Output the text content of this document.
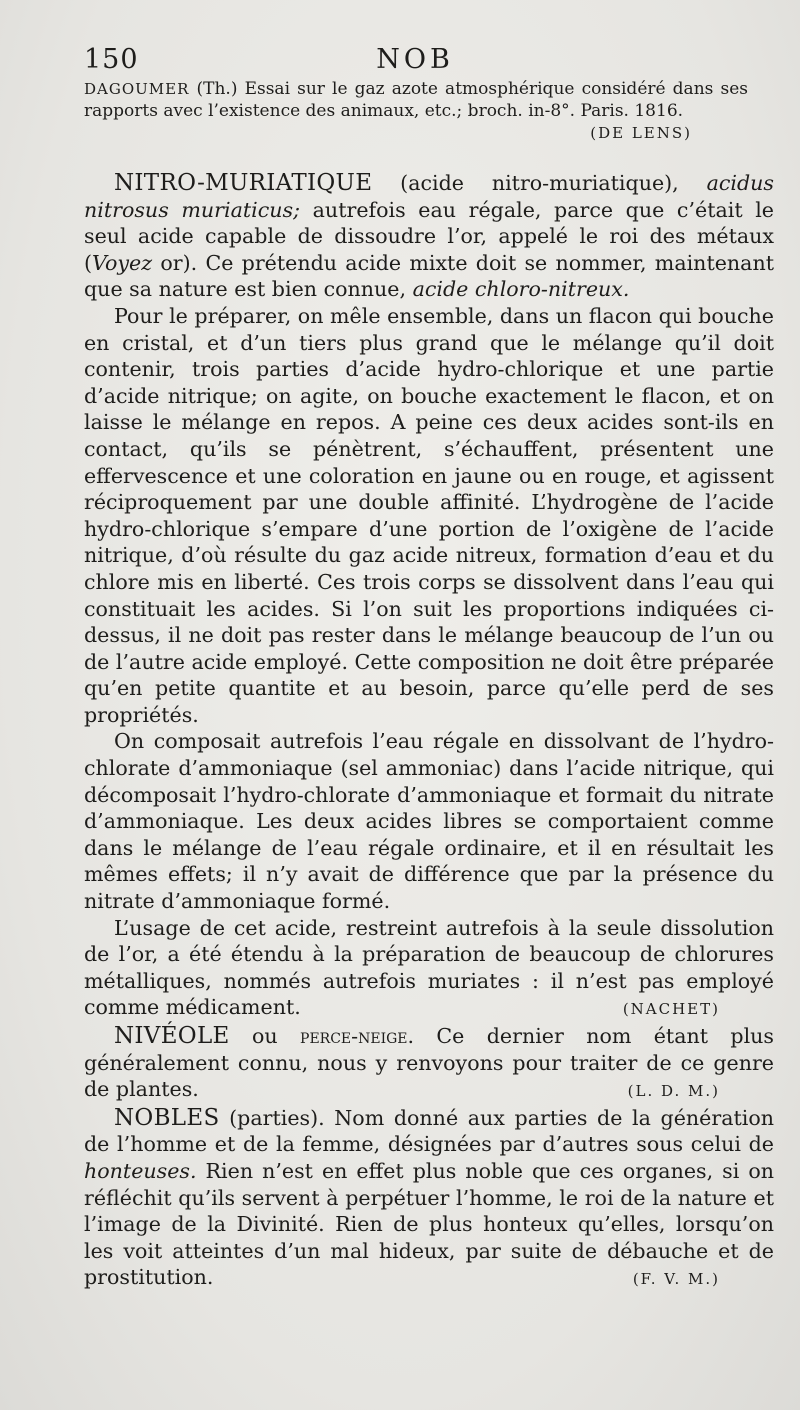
150	NOB
DAGOUMER (Th.) Essai sur le gaz azote atmosphérique considéré dans ses rapports avec l’existence des animaux, etc.; broch. in-8°. Paris. 1816.
(DE LENS)

NITRO-MURIATIQUE (acide nitro-muriatique), acidus nitrosus muriaticus; autrefois eau régale, parce que c’était le seul acide capable de dissoudre l’or, appelé le roi des métaux (Voyez or). Ce prétendu acide mixte doit se nommer, maintenant que sa nature est bien connue, acide chloro-nitreux.

Pour le préparer, on mêle ensemble, dans un flacon qui bouche en cristal, et d’un tiers plus grand que le mélange qu’il doit contenir, trois parties d’acide hydro-chlorique et une partie d’acide nitrique; on agite, on bouche exactement le flacon, et on laisse le mélange en repos. A peine ces deux acides sont-ils en contact, qu’ils se pénètrent, s’échauffent, présentent une effervescence et une coloration en jaune ou en rouge, et agissent réciproquement par une double affinité. L’hydrogène de l’acide hydro-chlorique s’empare d’une portion de l’oxigène de l’acide nitrique, d’où résulte du gaz acide nitreux, formation d’eau et du chlore mis en liberté. Ces trois corps se dissolvent dans l’eau qui constituait les acides. Si l’on suit les proportions indiquées ci-dessus, il ne doit pas rester dans le mélange beaucoup de l’un ou de l’autre acide employé. Cette composition ne doit être préparée qu’en petite quantite et au besoin, parce qu’elle perd de ses propriétés.

On composait autrefois l’eau régale en dissolvant de l’hydro-chlorate d’ammoniaque (sel ammoniac) dans l’acide nitrique, qui décomposait l’hydro-chlorate d’ammoniaque et formait du nitrate d’ammoniaque. Les deux acides libres se comportaient comme dans le mélange de l’eau régale ordinaire, et il en résultait les mêmes effets; il n’y avait de différence que par la présence du nitrate d’ammoniaque formé.

L’usage de cet acide, restreint autrefois à la seule dissolution de l’or, a été étendu à la préparation de beaucoup de chlorures métalliques, nommés autrefois muriates : il n’est pas employé comme médicament.	(NACHET)

NIVÉOLE ou perce-neige. Ce dernier nom étant plus généralement connu, nous y renvoyons pour traiter de ce genre de plantes.	(L. D. M.)

NOBLES (parties). Nom donné aux parties de la génération de l’homme et de la femme, désignées par d’autres sous celui de honteuses. Rien n’est en effet plus noble que ces organes, si on réfléchit qu’ils servent à perpétuer l’homme, le roi de la nature et l’image de la Divinité. Rien de plus honteux qu’elles, lorsqu’on les voit atteintes d’un mal hideux, par suite de débauche et de prostitution.	(F. V. M.)
